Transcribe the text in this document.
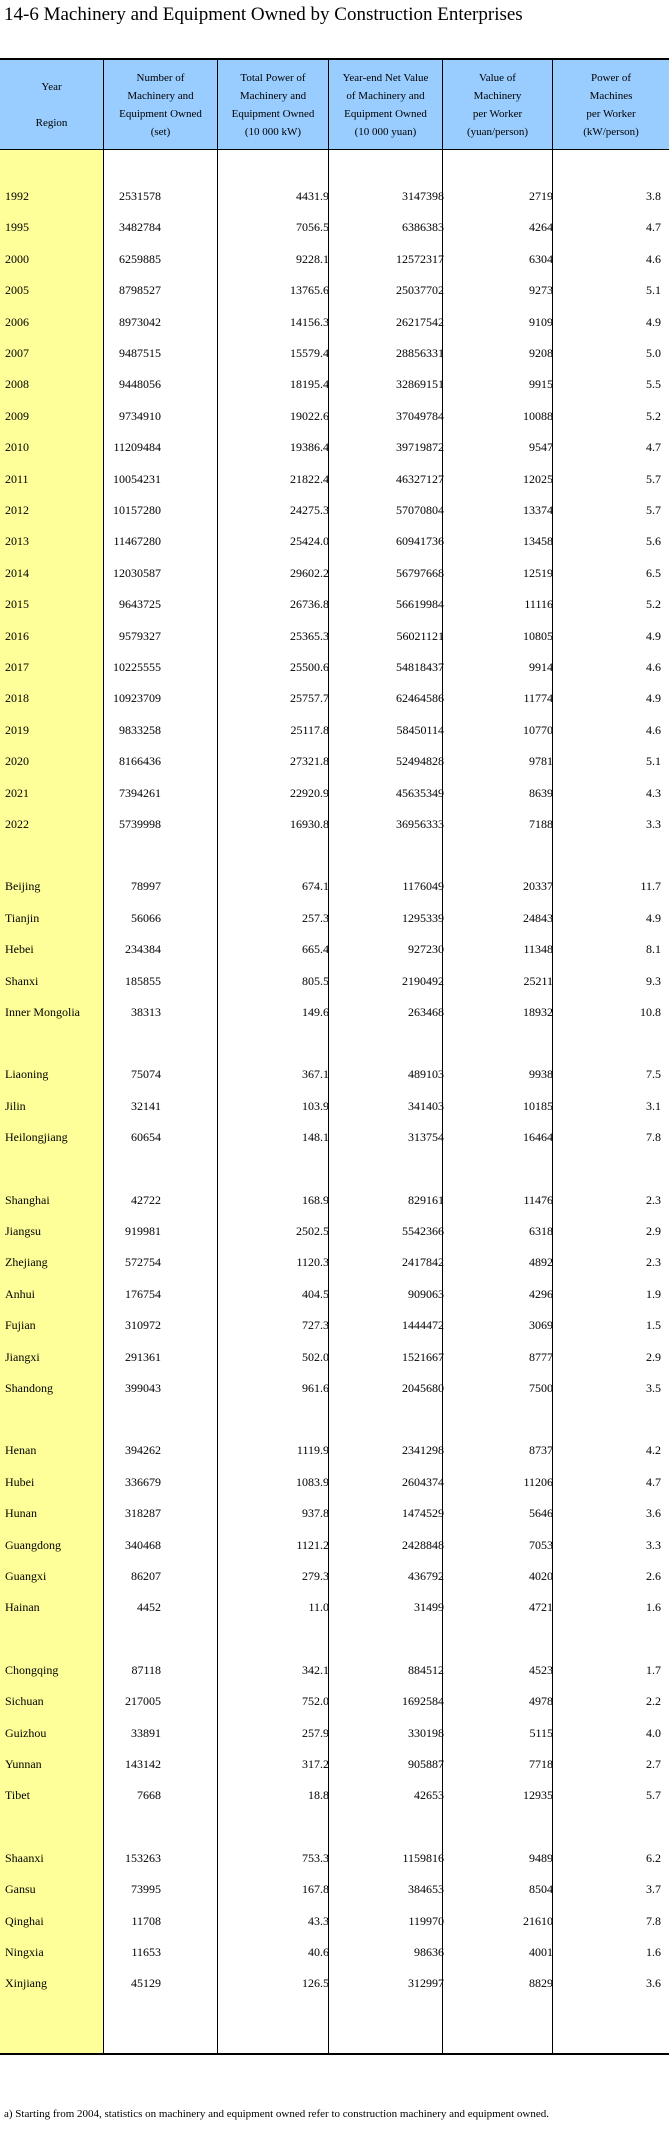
14-6 Machinery and Equipment Owned by Construction Enterprises
Year

Region
Number of
Machinery and
Equipment Owned
(set)
Total Power of
Machinery and
Equipment Owned
(10 000 kW)
Year-end Net Value
of Machinery and
Equipment Owned
(10 000 yuan)
Value of
Machinery
per Worker
(yuan/person)
Power of
Machines
per Worker
(kW/person)
1992	2531578	4431.9	3147398	2719	3.8
1995	3482784	7056.5	6386383	4264	4.7
2000	6259885	9228.1	12572317	6304	4.6
2005	8798527	13765.6	25037702	9273	5.1
2006	8973042	14156.3	26217542	9109	4.9
2007	9487515	15579.4	28856331	9208	5.0
2008	9448056	18195.4	32869151	9915	5.5
2009	9734910	19022.6	37049784	10088	5.2
2010	11209484	19386.4	39719872	9547	4.7
2011	10054231	21822.4	46327127	12025	5.7
2012	10157280	24275.3	57070804	13374	5.7
2013	11467280	25424.0	60941736	13458	5.6
2014	12030587	29602.2	56797668	12519	6.5
2015	9643725	26736.8	56619984	11116	5.2
2016	9579327	25365.3	56021121	10805	4.9
2017	10225555	25500.6	54818437	9914	4.6
2018	10923709	25757.7	62464586	11774	4.9
2019	9833258	25117.8	58450114	10770	4.6
2020	8166436	27321.8	52494828	9781	5.1
2021	7394261	22920.9	45635349	8639	4.3
2022	5739998	16930.8	36956333	7188	3.3
Beijing	78997	674.1	1176049	20337	11.7
Tianjin	56066	257.3	1295339	24843	4.9
Hebei	234384	665.4	927230	11348	8.1
Shanxi	185855	805.5	2190492	25211	9.3
Inner Mongolia	38313	149.6	263468	18932	10.8
Liaoning	75074	367.1	489103	9938	7.5
Jilin	32141	103.9	341403	10185	3.1
Heilongjiang	60654	148.1	313754	16464	7.8
Shanghai	42722	168.9	829161	11476	2.3
Jiangsu	919981	2502.5	5542366	6318	2.9
Zhejiang	572754	1120.3	2417842	4892	2.3
Anhui	176754	404.5	909063	4296	1.9
Fujian	310972	727.3	1444472	3069	1.5
Jiangxi	291361	502.0	1521667	8777	2.9
Shandong	399043	961.6	2045680	7500	3.5
Henan	394262	1119.9	2341298	8737	4.2
Hubei	336679	1083.9	2604374	11206	4.7
Hunan	318287	937.8	1474529	5646	3.6
Guangdong	340468	1121.2	2428848	7053	3.3
Guangxi	86207	279.3	436792	4020	2.6
Hainan	4452	11.0	31499	4721	1.6
Chongqing	87118	342.1	884512	4523	1.7
Sichuan	217005	752.0	1692584	4978	2.2
Guizhou	33891	257.9	330198	5115	4.0
Yunnan	143142	317.2	905887	7718	2.7
Tibet	7668	18.8	42653	12935	5.7
Shaanxi	153263	753.3	1159816	9489	6.2
Gansu	73995	167.8	384653	8504	3.7
Qinghai	11708	43.3	119970	21610	7.8
Ningxia	11653	40.6	98636	4001	1.6
Xinjiang	45129	126.5	312997	8829	3.6
a) Starting from 2004, statistics on machinery and equipment owned refer to construction machinery and equipment owned.
